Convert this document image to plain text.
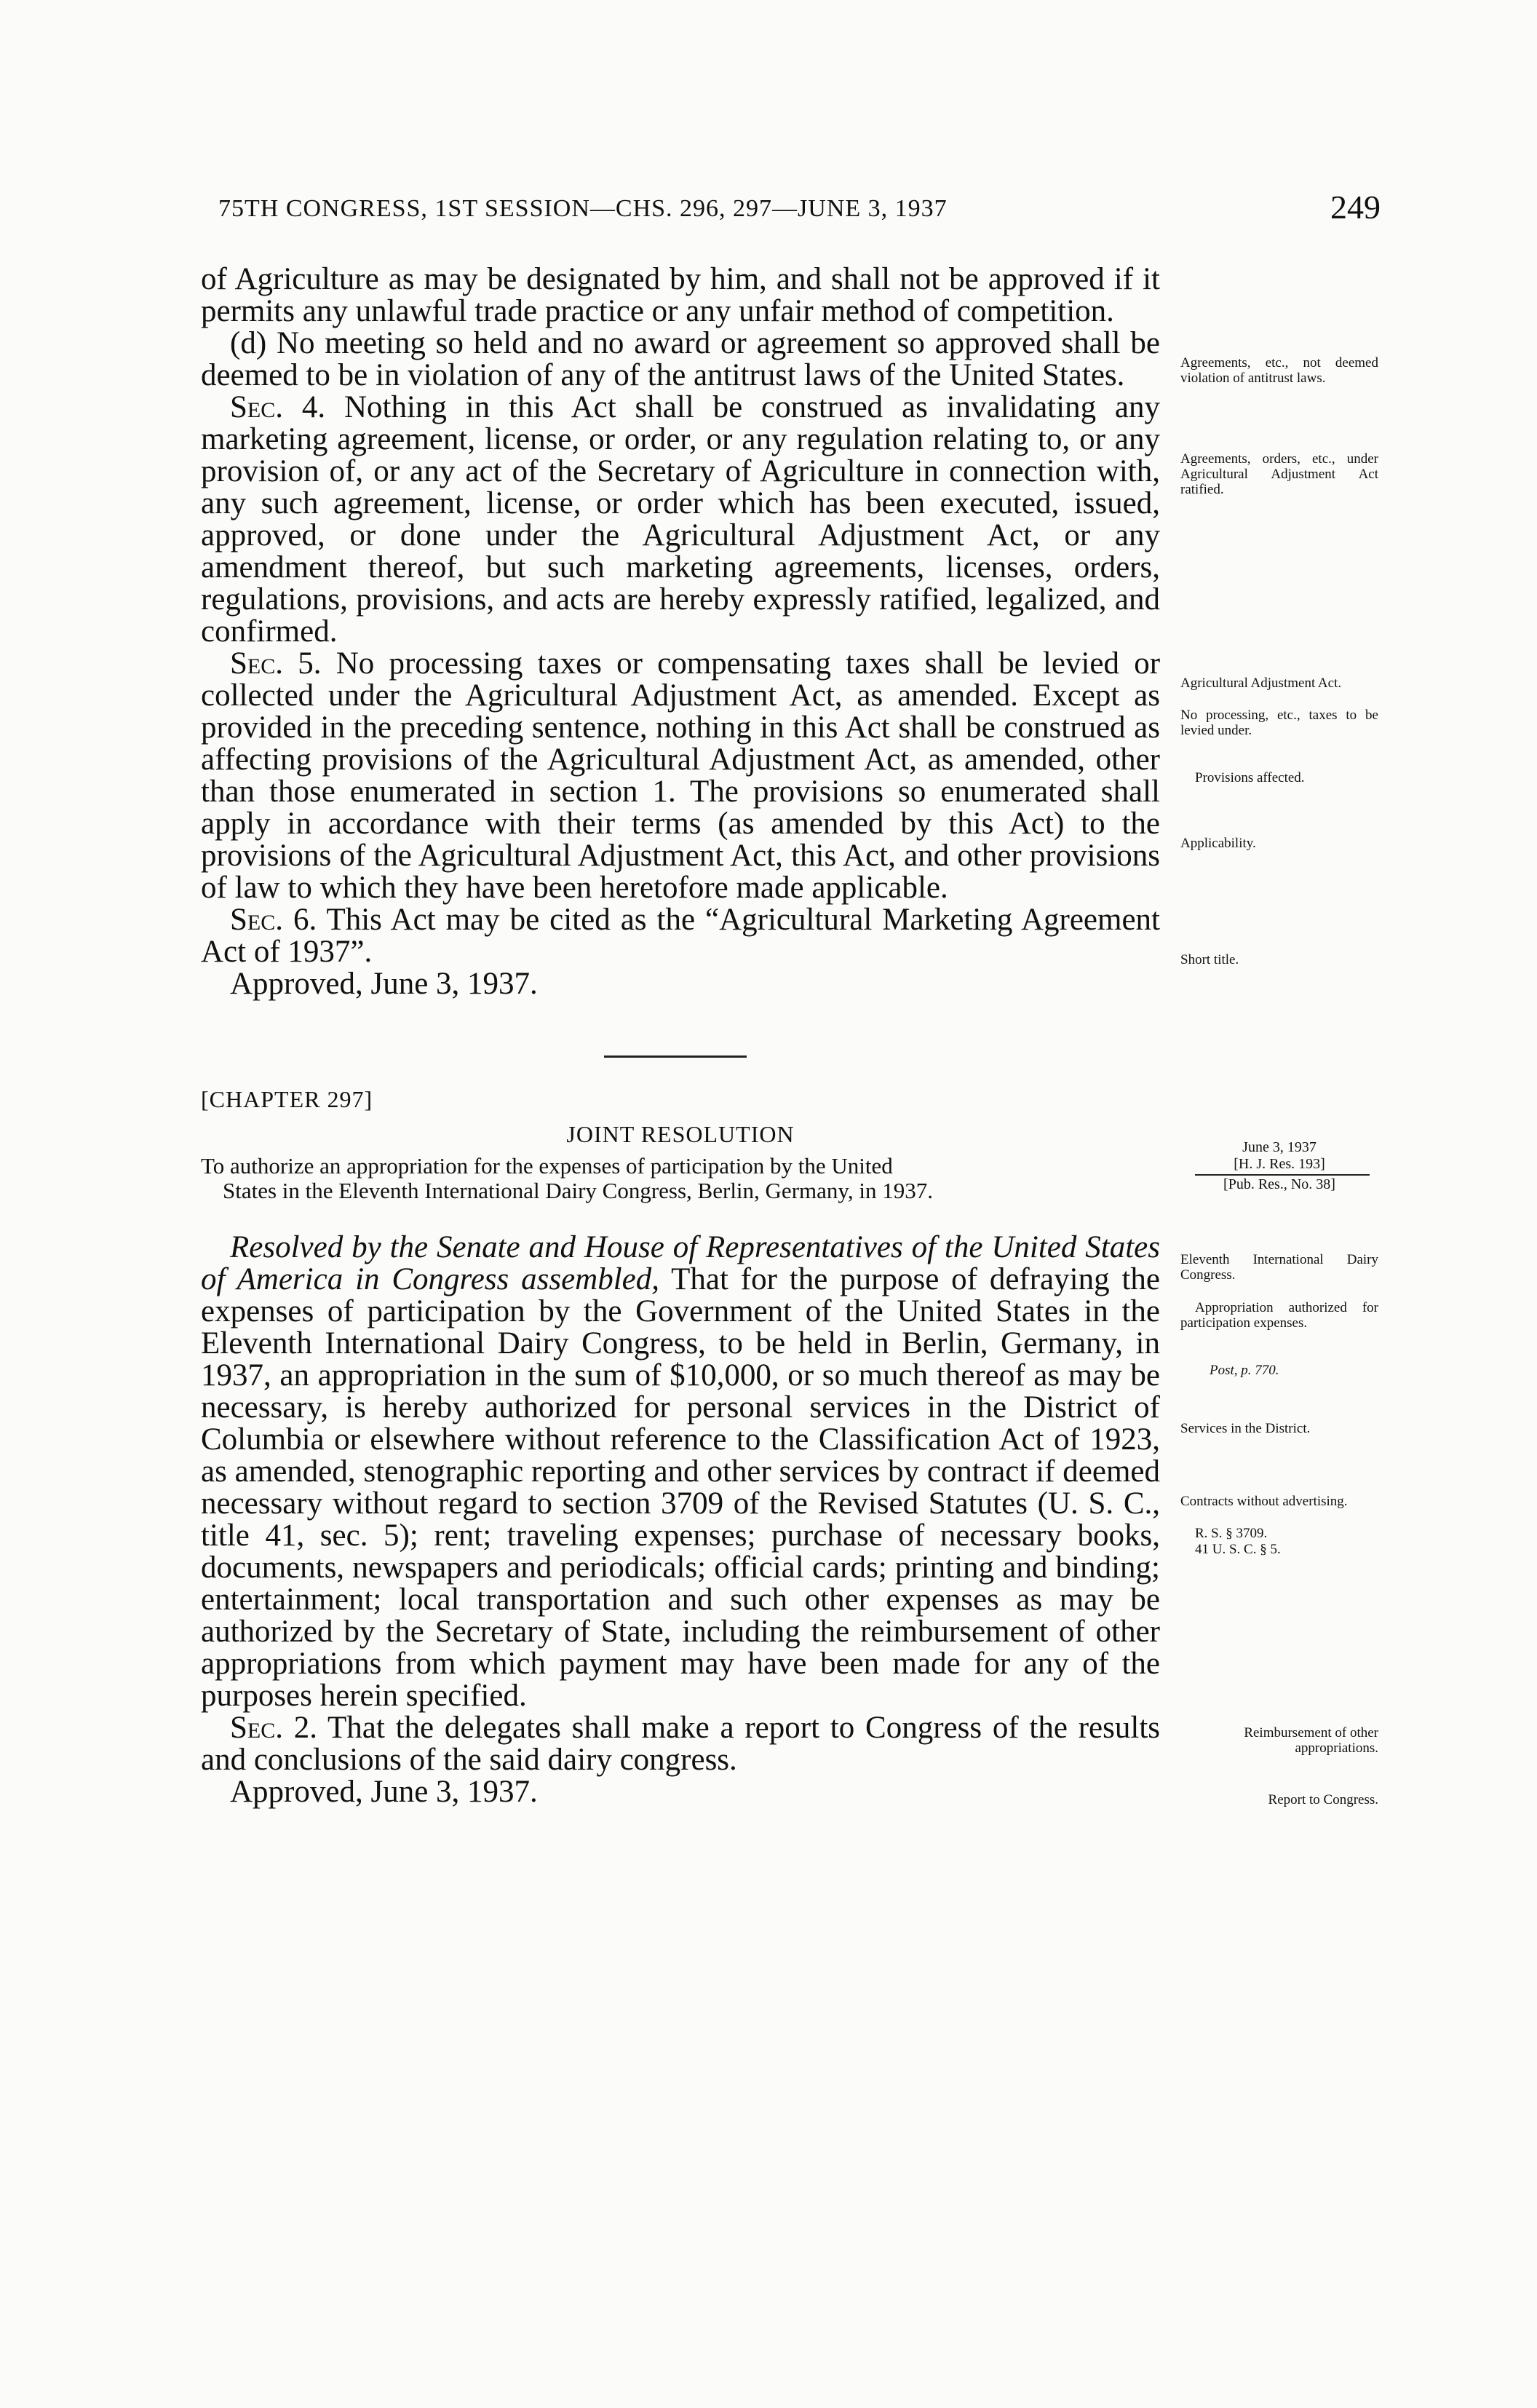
75TH CONGRESS, 1ST SESSION—CHS. 296, 297—JUNE 3, 1937	249

of Agriculture as may be designated by him, and shall not be approved if it permits any unlawful trade practice or any unfair method of competition.

(d) No meeting so held and no award or agreement so approved shall be deemed to be in violation of any of the antitrust laws of the United States.

Sec. 4. Nothing in this Act shall be construed as invalidating any marketing agreement, license, or order, or any regulation relating to, or any provision of, or any act of the Secretary of Agriculture in connection with, any such agreement, license, or order which has been executed, issued, approved, or done under the Agricultural Adjustment Act, or any amendment thereof, but such marketing agreements, licenses, orders, regulations, provisions, and acts are hereby expressly ratified, legalized, and confirmed.

Sec. 5. No processing taxes or compensating taxes shall be levied or collected under the Agricultural Adjustment Act, as amended. Except as provided in the preceding sentence, nothing in this Act shall be construed as affecting provisions of the Agricultural Adjustment Act, as amended, other than those enumerated in section 1. The provisions so enumerated shall apply in accordance with their terms (as amended by this Act) to the provisions of the Agricultural Adjustment Act, this Act, and other provisions of law to which they have been heretofore made applicable.

Sec. 6. This Act may be cited as the “Agricultural Marketing Agreement Act of 1937”.

Approved, June 3, 1937.

Agreements, etc., not deemed violation of antitrust laws.
Agreements, orders, etc., under Agricultural Adjustment Act ratified.
Agricultural Adjustment Act.
No processing, etc., taxes to be levied under.
Provisions affected.
Applicability.
Short title.
[CHAPTER 297]
JOINT RESOLUTION

To authorize an appropriation for the expenses of participation by the United

States in the Eleventh International Dairy Congress, Berlin, Germany, in 1937.

June 3, 1937
[H. J. Res. 193]
[Pub. Res., No. 38]
Eleventh International Dairy Congress.
Appropriation authorized for participation expenses.
Post, p. 770.
Services in the District.
Contracts without advertising.
R. S. § 3709.
41 U. S. C. § 5.
Reimbursement of other appropriations.
Report to Congress.

Resolved by the Senate and House of Representatives of the United States of America in Congress assembled, That for the purpose of defraying the expenses of participation by the Government of the United States in the Eleventh International Dairy Congress, to be held in Berlin, Germany, in 1937, an appropriation in the sum of $10,000, or so much thereof as may be necessary, is hereby authorized for personal services in the District of Columbia or elsewhere without reference to the Classification Act of 1923, as amended, stenographic reporting and other services by contract if deemed necessary without regard to section 3709 of the Revised Statutes (U. S. C., title 41, sec. 5); rent; traveling expenses; purchase of necessary books, documents, newspapers and periodicals; official cards; printing and binding; entertainment; local transportation and such other expenses as may be authorized by the Secretary of State, including the reimbursement of other appropriations from which payment may have been made for any of the purposes herein specified.

Sec. 2. That the delegates shall make a report to Congress of the results and conclusions of the said dairy congress.

Approved, June 3, 1937.
